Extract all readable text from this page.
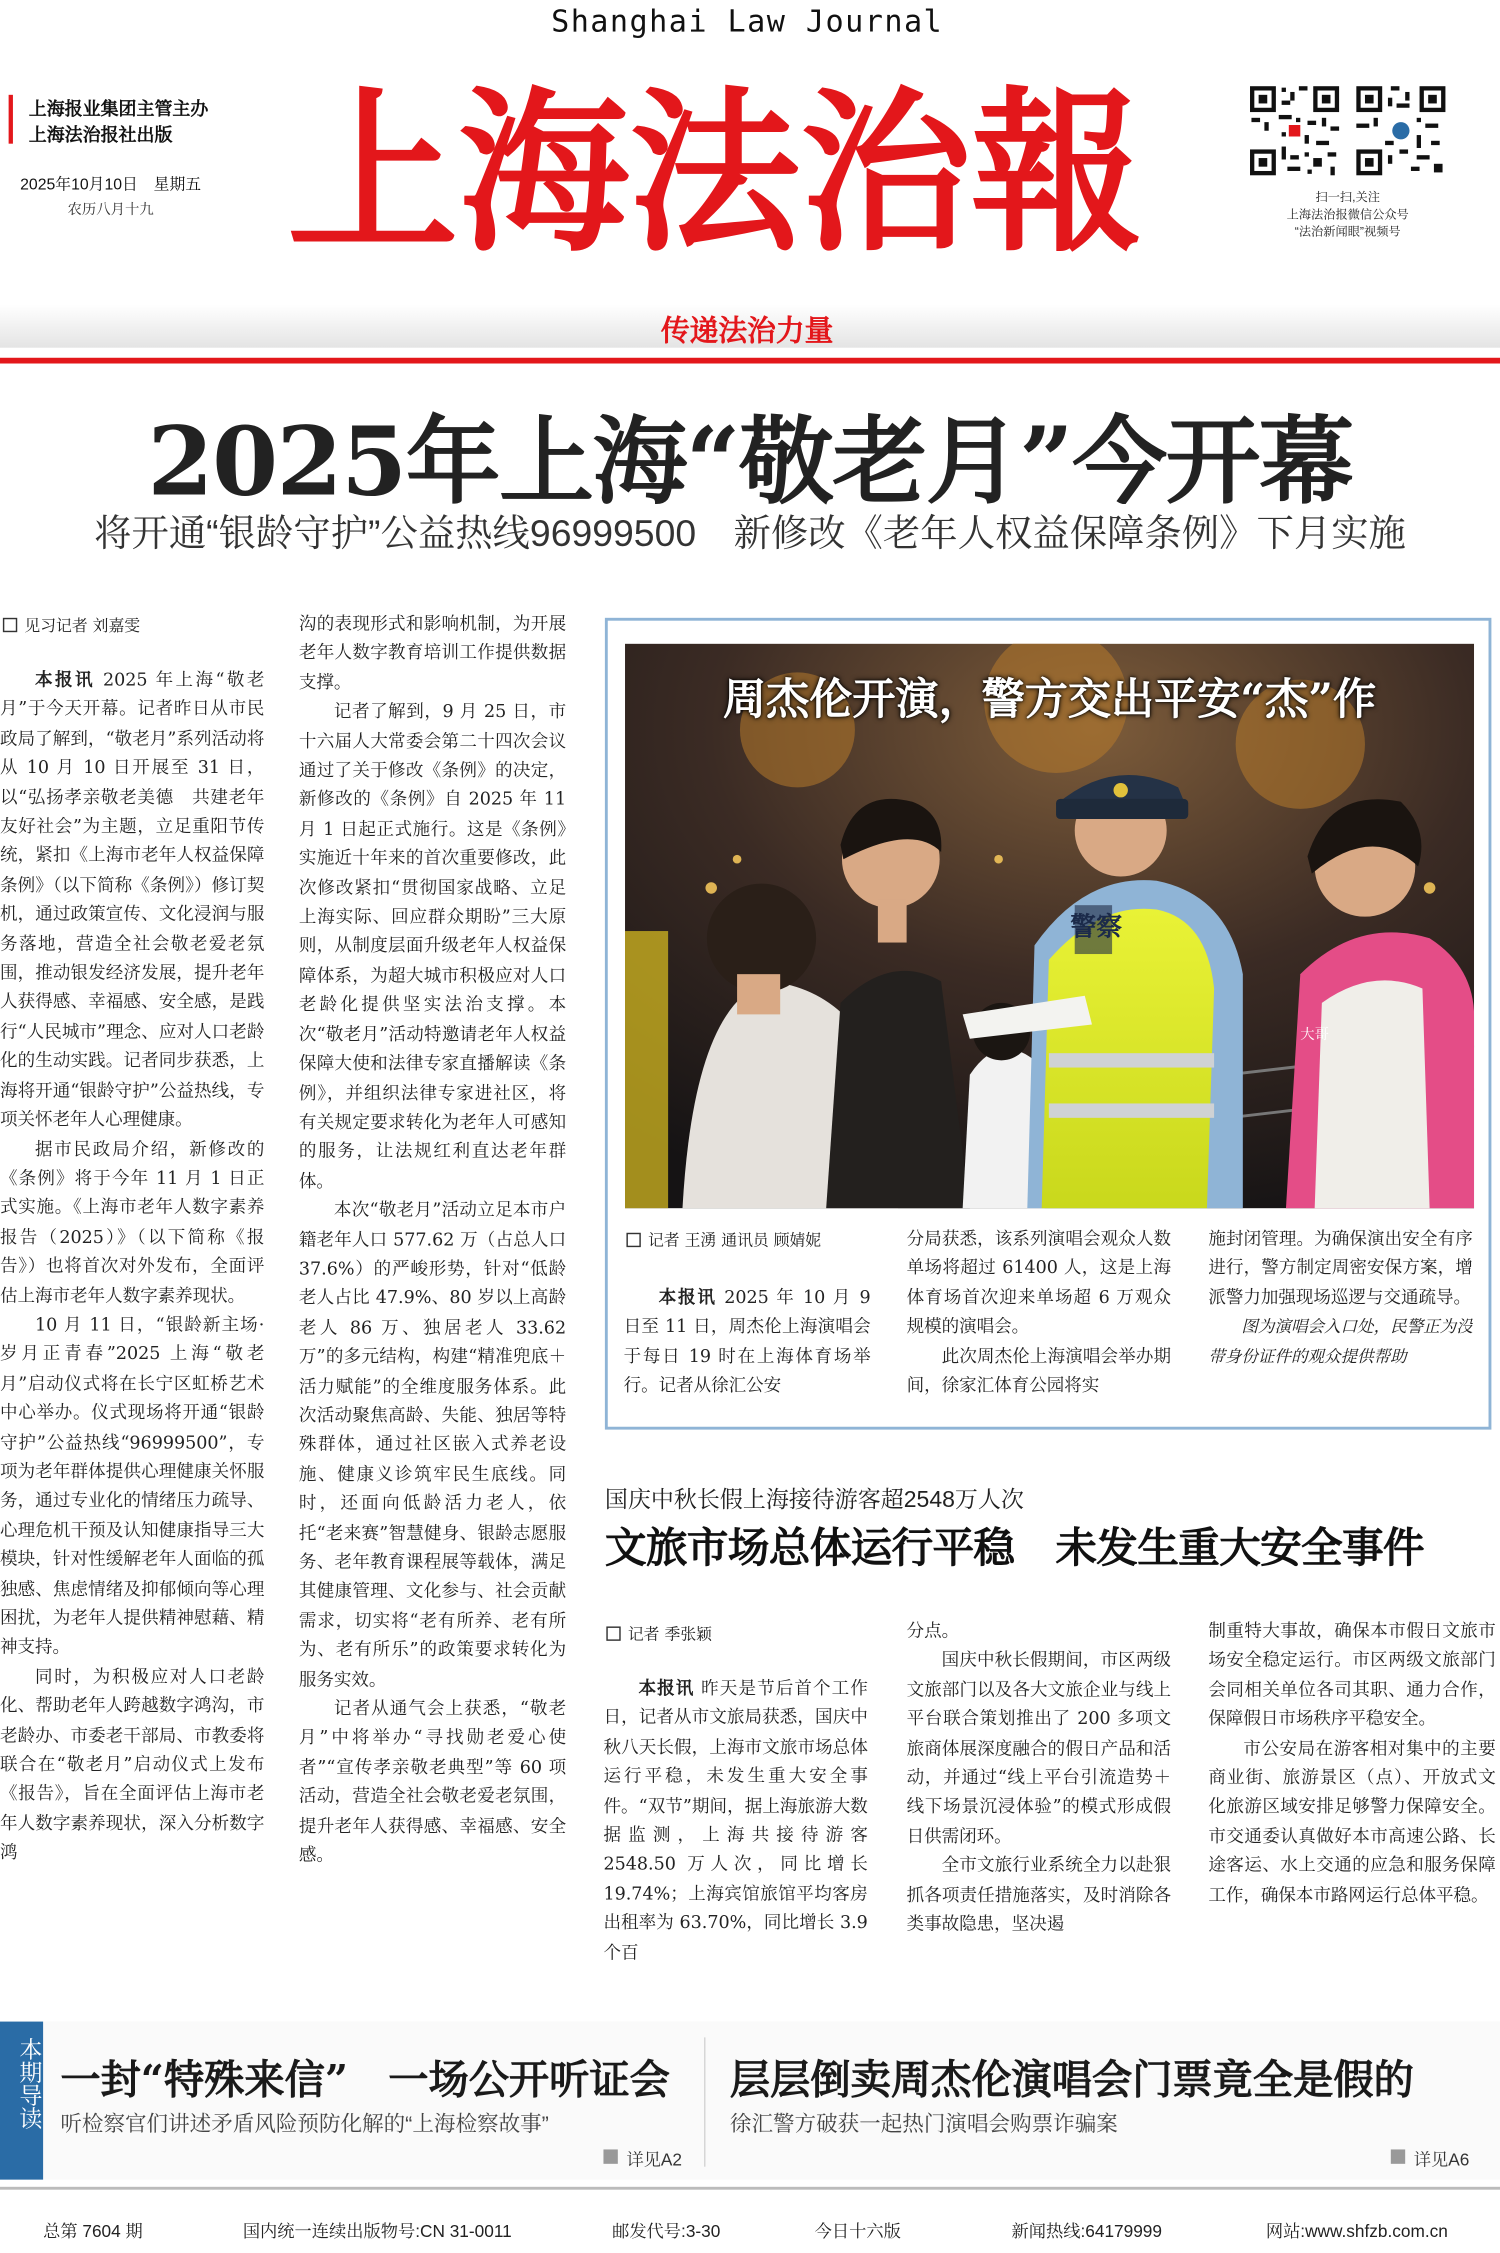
Shanghai Law Journal
上海报业集团主管主办
上海法治报社出版
2025年10月10日　星期五
农历八月十九 上海法治報	扫一扫,关注
上海法治报微信公众号
“法治新闻眼”视频号
传递法治力量
2025年上海“敬老月”今开幕
将开通“银龄守护”公益热线96999500　新修改《老年人权益保障条例》下月实施
见习记者 刘嘉雯

本报讯 2025 年上海“敬老月”于今天开幕。记者昨日从市民政局了解到，“敬老月”系列活动将从 10 月 10 日开展至 31 日，以“弘扬孝亲敬老美德　共建老年友好社会”为主题，立足重阳节传统，紧扣《上海市老年人权益保障条例》（以下简称《条例》）修订契机，通过政策宣传、文化浸润与服务落地，营造全社会敬老爱老氛围，推动银发经济发展，提升老年人获得感、幸福感、安全感，是践行“人民城市”理念、应对人口老龄化的生动实践。记者同步获悉，上海将开通“银龄守护”公益热线，专项关怀老年人心理健康。

据市民政局介绍，新修改的《条例》将于今年 11 月 1 日正式实施。《上海市老年人数字素养报告（2025）》（以下简称《报告》）也将首次对外发布，全面评估上海市老年人数字素养现状。

10 月 11 日，“银龄新主场·岁月正青春”2025 上海“敬老月”启动仪式将在长宁区虹桥艺术中心举办。仪式现场将开通“银龄守护”公益热线“96999500”，专项为老年群体提供心理健康关怀服务，通过专业化的情绪压力疏导、心理危机干预及认知健康指导三大模块，针对性缓解老年人面临的孤独感、焦虑情绪及抑郁倾向等心理困扰，为老年人提供精神慰藉、精神支持。

同时，为积极应对人口老龄化、帮助老年人跨越数字鸿沟，市老龄办、市委老干部局、市教委将联合在“敬老月”启动仪式上发布《报告》，旨在全面评估上海市老年人数字素养现状，深入分析数字鸿

沟的表现形式和影响机制，为开展老年人数字教育培训工作提供数据支撑。

记者了解到，9 月 25 日，市十六届人大常委会第二十四次会议通过了关于修改《条例》的决定，新修改的《条例》自 2025 年 11 月 1 日起正式施行。这是《条例》实施近十年来的首次重要修改，此次修改紧扣“贯彻国家战略、立足上海实际、回应群众期盼”三大原则，从制度层面升级老年人权益保障体系，为超大城市积极应对人口老龄化提供坚实法治支撑。本次“敬老月”活动特邀请老年人权益保障大使和法律专家直播解读《条例》，并组织法律专家进社区，将有关规定要求转化为老年人可感知的服务，让法规红利直达老年群体。

本次“敬老月”活动立足本市户籍老年人口 577.62 万（占总人口 37.6%）的严峻形势，针对“低龄老人占比 47.9%、80 岁以上高龄老人 86 万、独居老人 33.62 万”的多元结构，构建“精准兜底＋活力赋能”的全维度服务体系。此次活动聚焦高龄、失能、独居等特殊群体，通过社区嵌入式养老设施、健康义诊筑牢民生底线。同时，还面向低龄活力老人，依托“老来赛”智慧健身、银龄志愿服务、老年教育课程展等载体，满足其健康管理、文化参与、社会贡献需求，切实将“老有所养、老有所为、老有所乐”的政策要求转化为服务实效。

记者从通气会上获悉，“敬老月”中将举办“寻找勋老爱心使者”“宣传孝亲敬老典型”等 60 项活动，营造全社会敬老爱老氛围，提升老年人获得感、幸福感、安全感。

警察
大哥
周杰伦开演，警方交出平安“杰”作
记者 王湧 通讯员 顾婧妮

本报讯 2025 年 10 月 9 日至 11 日，周杰伦上海演唱会于每日 19 时在上海体育场举行。记者从徐汇公安

分局获悉，该系列演唱会观众人数单场将超过 61400 人，这是上海体育场首次迎来单场超 6 万观众规模的演唱会。

此次周杰伦上海演唱会举办期间，徐家汇体育公园将实

施封闭管理。为确保演出安全有序进行，警方制定周密安保方案，增派警力加强现场巡逻与交通疏导。

图为演唱会入口处，民警正为没带身份证件的观众提供帮助

国庆中秋长假上海接待游客超2548万人次
文旅市场总体运行平稳　未发生重大安全事件
记者 季张颖

本报讯 昨天是节后首个工作日，记者从市文旅局获悉，国庆中秋八天长假，上海市文旅市场总体运行平稳，未发生重大安全事件。“双节”期间，据上海旅游大数据监测，上海共接待游客 2548.50 万人次，同比增长 19.74%；上海宾馆旅馆平均客房出租率为 63.70%，同比增长 3.9 个百

分点。

国庆中秋长假期间，市区两级文旅部门以及各大文旅企业与线上平台联合策划推出了 200 多项文旅商体展深度融合的假日产品和活动，并通过“线上平台引流造势＋线下场景沉浸体验”的模式形成假日供需闭环。

全市文旅行业系统全力以赴狠抓各项责任措施落实，及时消除各类事故隐患，坚决遏

制重特大事故，确保本市假日文旅市场安全稳定运行。市区两级文旅部门会同相关单位各司其职、通力合作，保障假日市场秩序平稳安全。

市公安局在游客相对集中的主要商业街、旅游景区（点）、开放式文化旅游区域安排足够警力保障安全。市交通委认真做好本市高速公路、长途客运、水上交通的应急和服务保障工作，确保本市路网运行总体平稳。

本期导读 一封“特殊来信”　一场公开听证会
听检察官们讲述矛盾风险预防化解的“上海检察故事”
详见A2
层层倒卖周杰伦演唱会门票竟全是假的
徐汇警方破获一起热门演唱会购票诈骗案
详见A6
总第 7604 期	国内统一连续出版物号:CN 31-0011	邮发代号:3-30	今日十六版	新闻热线:64179999	网站:www.shfzb.com.cn
